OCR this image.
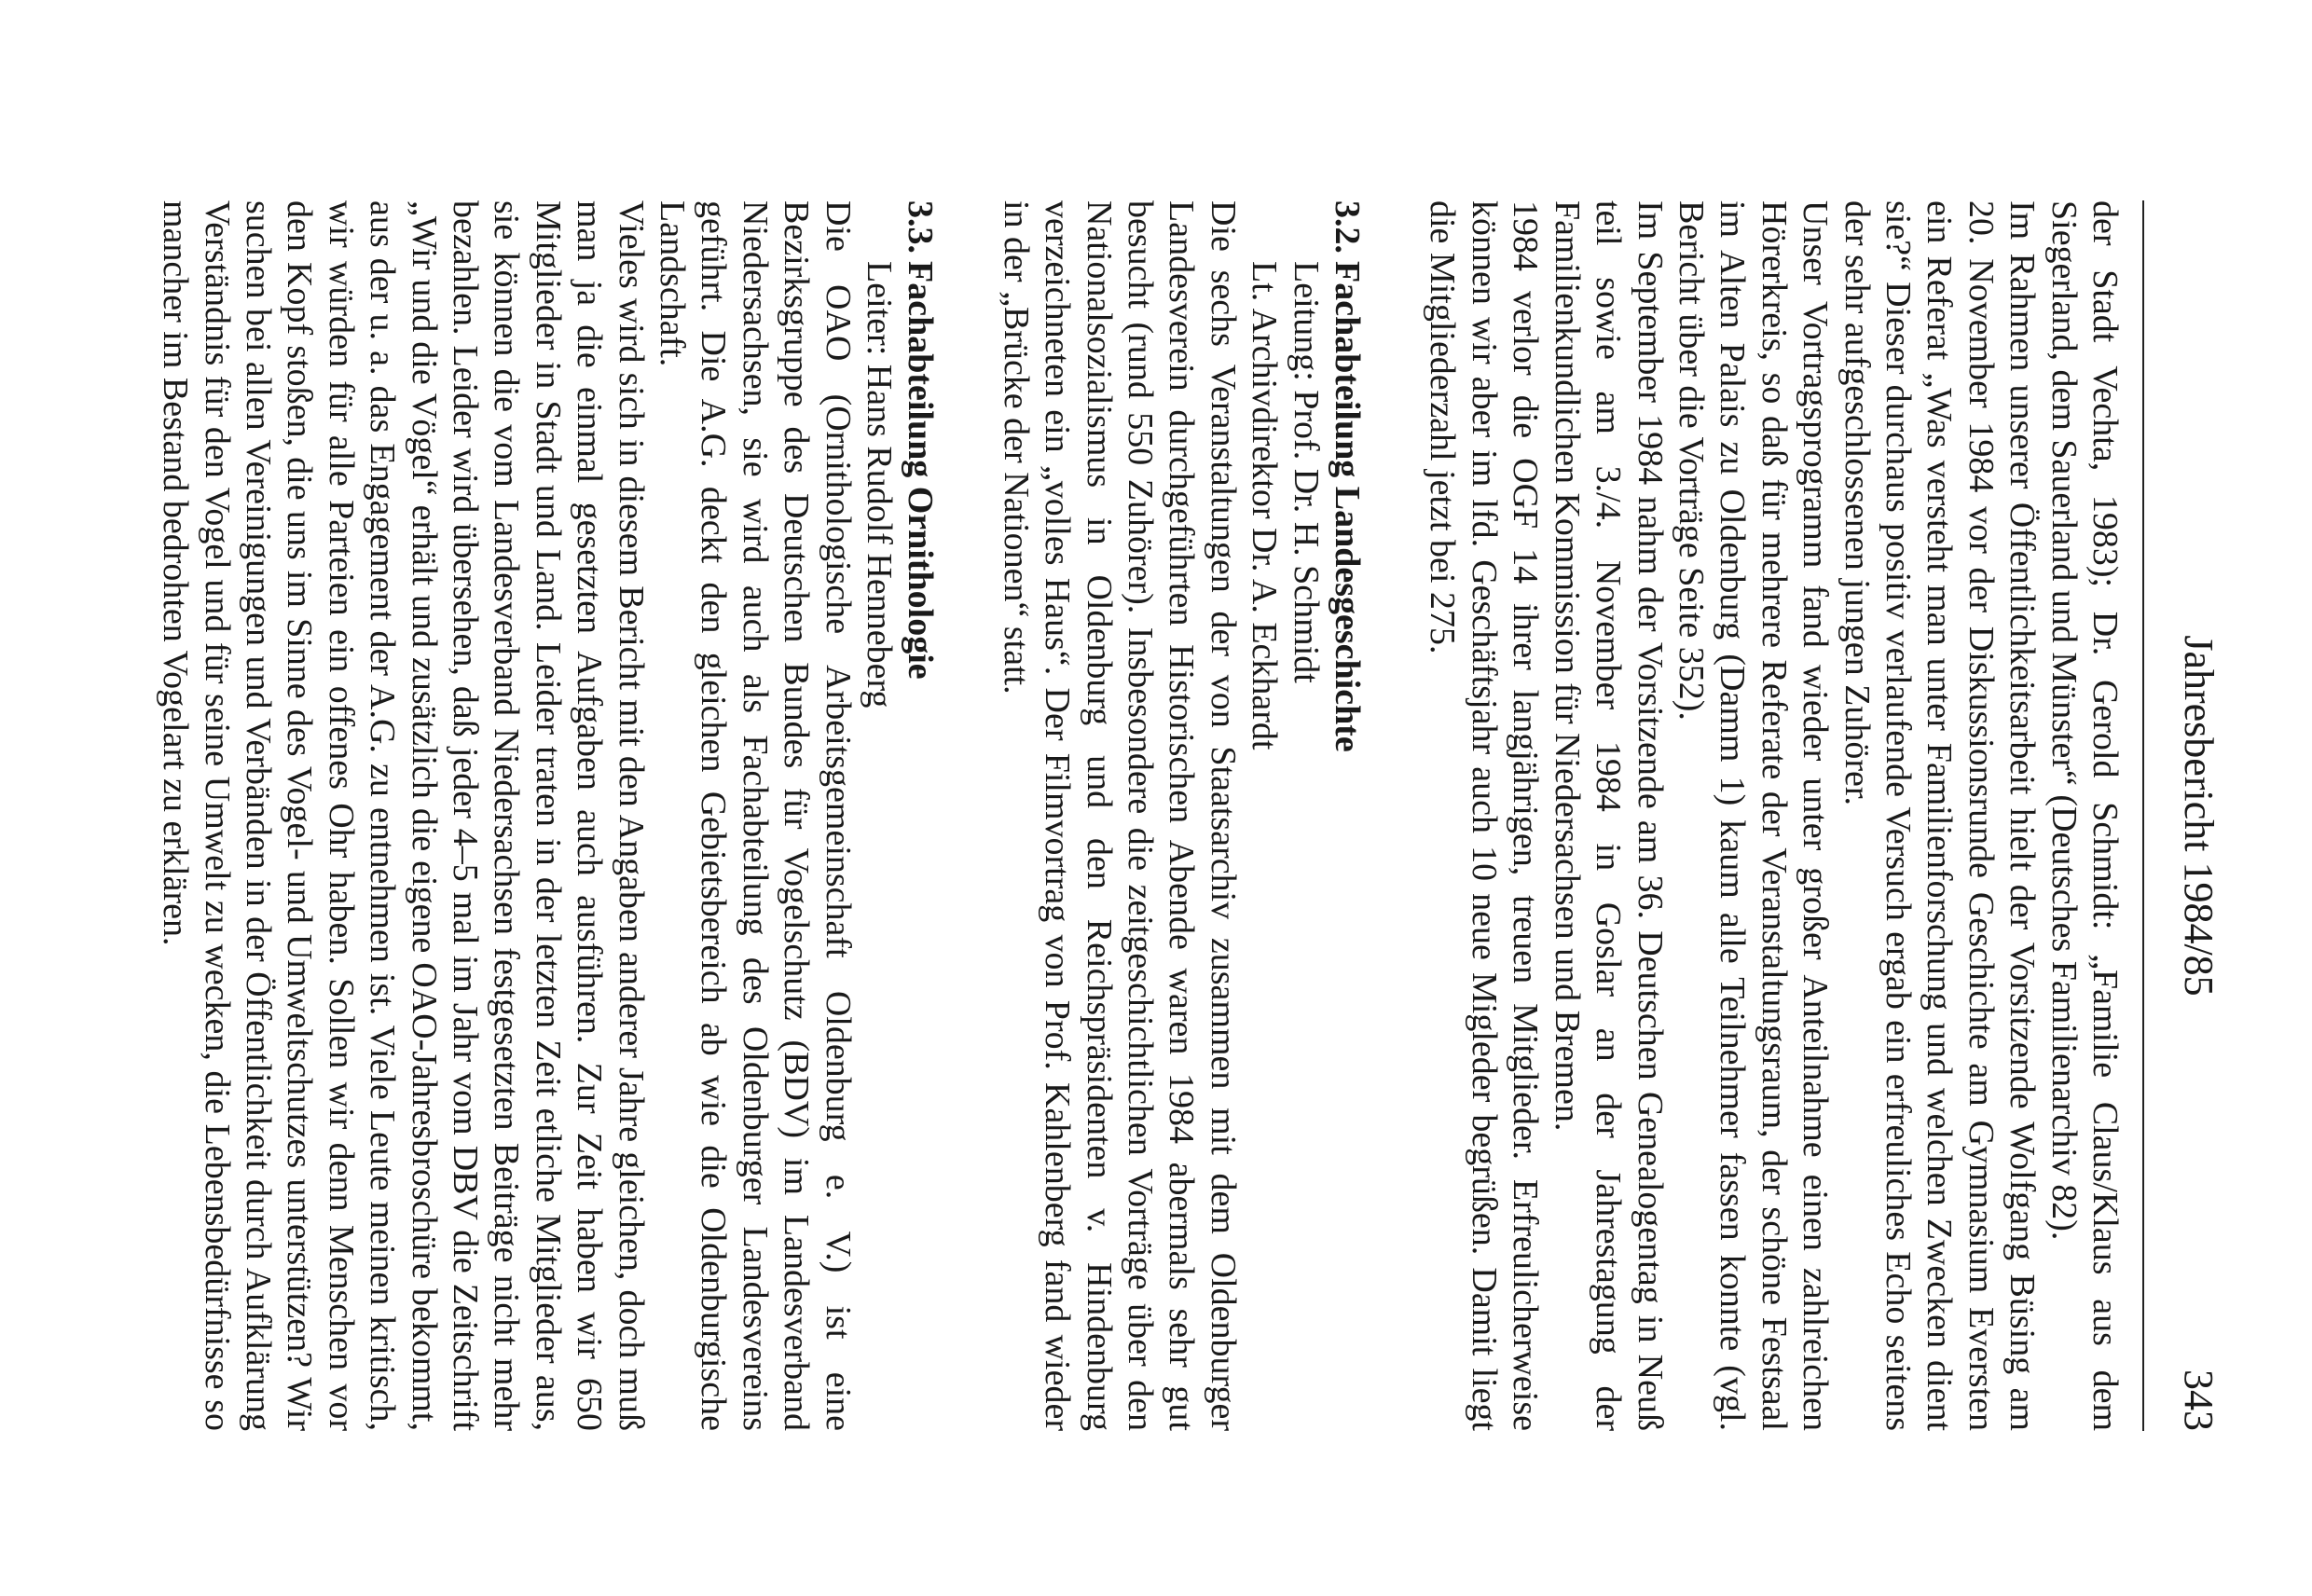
Jahresbericht 1984/85
343

der Stadt Vechta, 1983); Dr. Gerold Schmidt: „Familie Claus/Klaus aus dem Siegerland, dem Sauerland und Münster“ (Deutsches Familienarchiv 82).

Im Rahmen unserer Öffentlichkeitsarbeit hielt der Vorsitzende Wolfgang Büsing am 20. November 1984 vor der Diskussionsrunde Geschichte am Gymnasium Eversten ein Referat „Was versteht man unter Familienforschung und welchen Zwecken dient sie?“ Dieser durchaus positiv verlaufende Versuch ergab ein erfreuliches Echo seitens der sehr aufgeschlossenen jungen Zuhörer.

Unser Vortragsprogramm fand wieder unter großer Anteilnahme einen zahlreichen Hörerkreis, so daß für mehrere Referate der Veranstaltungsraum, der schöne Festsaal im Alten Palais zu Oldenburg (Damm 1) kaum alle Teilnehmer fassen konnte (vgl. Bericht über die Vorträge Seite 352).

Im September 1984 nahm der Vorsitzende am 36. Deutschen Genealogentag in Neuß teil sowie am 3./4. November 1984 in Goslar an der Jahrestagung der Familienkundlichen Kommission für Niedersachsen und Bremen.

1984 verlor die OGF 14 ihrer langjährigen, treuen Mitglieder. Erfreulicherweise können wir aber im lfd. Geschäftsjahr auch 10 neue Migleder begrüßen. Damit liegt die Mitgliederzahl jetzt bei 275.

3.2.Fachabteilung Landesgeschichte
Leitung: Prof. Dr. H. Schmidt
Lt. Archivdirektor Dr. A. Eckhardt

Die sechs Veranstaltungen der von Staatsarchiv zusammen mit dem Oldenburger Landesverein durchgeführten Historischen Abende waren 1984 abermals sehr gut besucht (rund 550 Zuhörer). Insbesondere die zeitgeschichtlichen Vorträge über den Nationalsozialismus in Oldenburg und den Reichspräsidenten v. Hindenburg verzeichneten ein „volles Haus“. Der Filmvortrag von Prof. Kahlenberg fand wieder in der „Brücke der Nationen“ statt.

3.3.Fachabteilung Ornithologie
Leiter: Hans Rudolf Henneberg

Die OAO (Ornithologische Arbeitsgemeinschaft Oldenburg e. V.) ist eine Bezirksgruppe des Deutschen Bundes für Vogelschutz (BDV) im Landesverband Niedersachsen, sie wird auch als Fachabteilung des Oldenburger Landesvereins geführt. Die A.G. deckt den gleichen Gebietsbereich ab wie die Oldenburgische Landschaft.

Vieles wird sich in diesem Bericht mit den Angaben anderer Jahre gleichen, doch muß man ja die einmal gesetzten Aufgaben auch ausführen. Zur Zeit haben wir 650 Mitglieder in Stadt und Land. Leider traten in der letzten Zeit etliche Mitglieder aus, sie können die vom Landesverband Niedersachsen festgesetzten Beiträge nicht mehr bezahlen. Leider wird übersehen, daß jeder 4–5 mal im Jahr vom DBV die Zeitschrift „Wir und die Vögel“ erhält und zusätzlich die eigene OAO-Jahresbroschüre bekommt, aus der u. a. das Engagement der A.G. zu entnehmen ist. Viele Leute meinen kritisch, wir würden für alle Parteien ein offenes Ohr haben. Sollen wir denn Menschen vor den Kopf stoßen, die uns im Sinne des Vogel- und Umweltschutzes unterstützen? Wir suchen bei allen Vereinigungen und Verbänden in der Öffentlichkeit durch Aufklärung Verständnis für den Vogel und für seine Umwelt zu wecken, die Lebensbedürfnisse so mancher im Bestand bedrohten Vogelart zu erklären.
